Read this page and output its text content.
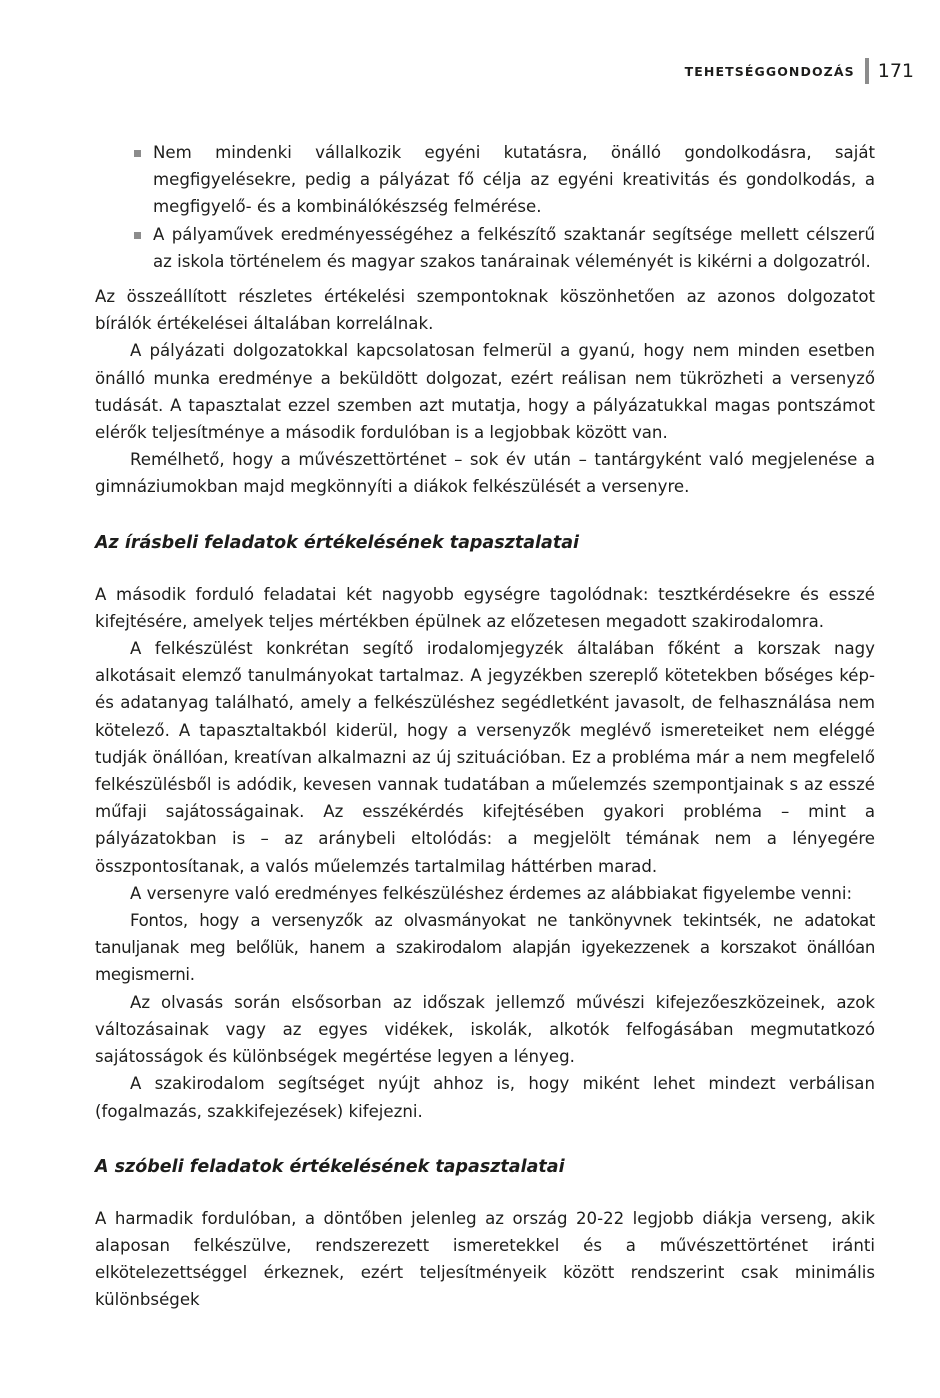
TEHETSÉGGONDOZÁS 171
Nem mindenki vállalkozik egyéni kutatásra, önálló gondolkodásra, saját megfigyelésekre, pedig a pályázat fő célja az egyéni kreativitás és gondolkodás, a megfigyelő- és a kombinálókészség felmérése.
A pályaművek eredményességéhez a felkészítő szaktanár segítsége mellett célszerű az iskola történelem és magyar szakos tanárainak véleményét is kikérni a dolgozatról.

Az összeállított részletes értékelési szempontoknak köszönhetően az azonos dolgozatot bírálók értékelései általában korrelálnak.

A pályázati dolgozatokkal kapcsolatosan felmerül a gyanú, hogy nem minden esetben önálló munka eredménye a beküldött dolgozat, ezért reálisan nem tükrözheti a versenyző tudását. A tapasztalat ezzel szemben azt mutatja, hogy a pályázatukkal magas pontszámot elérők teljesítménye a második fordulóban is a legjobbak között van.

Remélhető, hogy a művészettörténet – sok év után – tantárgyként való megjelenése a gimnáziumokban majd megkönnyíti a diákok felkészülését a versenyre.

Az írásbeli feladatok értékelésének tapasztalatai

A második forduló feladatai két nagyobb egységre tagolódnak: tesztkérdésekre és esszé kifejtésére, amelyek teljes mértékben épülnek az előzetesen megadott szakirodalomra.

A felkészülést konkrétan segítő irodalomjegyzék általában főként a korszak nagy alkotásait elemző tanulmányokat tartalmaz. A jegyzékben szereplő kötetekben bőséges kép- és adatanyag található, amely a felkészüléshez segédletként javasolt, de felhasználása nem kötelező. A tapasztaltakból kiderül, hogy a versenyzők meglévő ismereteiket nem eléggé tudják önállóan, kreatívan alkalmazni az új szituációban. Ez a probléma már a nem megfelelő felkészülésből is adódik, kevesen vannak tudatában a műelemzés szempontjainak s az esszé műfaji sajátosságainak. Az esszékérdés kifejtésében gyakori probléma – mint a pályázatokban is – az aránybeli eltolódás: a megjelölt témának nem a lényegére összpontosítanak, a valós műelemzés tartalmilag háttérben marad.

A versenyre való eredményes felkészüléshez érdemes az alábbiakat figyelembe venni:

Fontos, hogy a versenyzők az olvasmányokat ne tankönyvnek tekintsék, ne adatokat tanuljanak meg belőlük, hanem a szakirodalom alapján igyekezzenek a korszakot önállóan megismerni.

Az olvasás során elsősorban az időszak jellemző művészi kifejezőeszközeinek, azok változásainak vagy az egyes vidékek, iskolák, alkotók felfogásában megmutatkozó sajátosságok és különbségek megértése legyen a lényeg.

A szakirodalom segítséget nyújt ahhoz is, hogy miként lehet mindezt verbálisan (fogalmazás, szakkifejezések) kifejezni.

A szóbeli feladatok értékelésének tapasztalatai

A harmadik fordulóban, a döntőben jelenleg az ország 20-22 legjobb diákja verseng, akik alaposan felkészülve, rendszerezett ismeretekkel és a művészettörténet iránti elkötelezettséggel érkeznek, ezért teljesítményeik között rendszerint csak minimális különbségek
